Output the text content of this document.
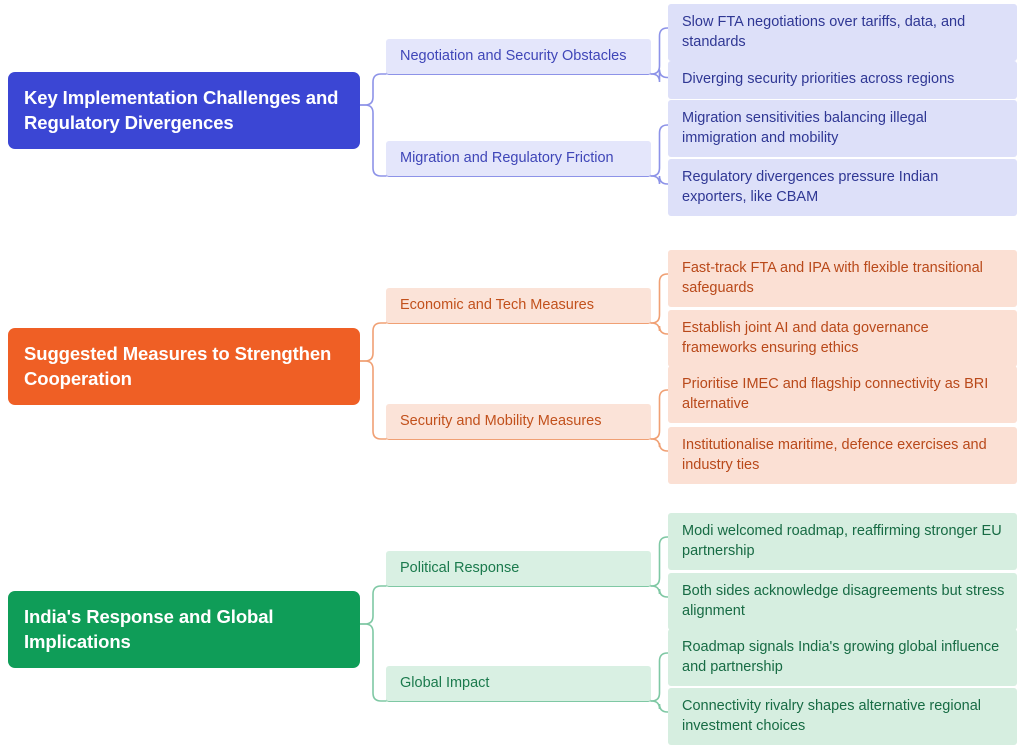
Key Implementation Challenges and Regulatory Divergences
Negotiation and Security Obstacles
Slow FTA negotiations over tariffs, data, and standards
Diverging security priorities across regions
Migration and Regulatory Friction
Migration sensitivities balancing illegal immigration and mobility
Regulatory divergences pressure Indian exporters, like CBAM
Suggested Measures to Strengthen Cooperation
Economic and Tech Measures
Fast-track FTA and IPA with flexible transitional safeguards
Establish joint AI and data governance frameworks ensuring ethics
Security and Mobility Measures
Prioritise IMEC and flagship connectivity as BRI alternative
Institutionalise maritime, defence exercises and industry ties
India's Response and Global Implications
Political Response
Modi welcomed roadmap, reaffirming stronger EU partnership
Both sides acknowledge disagreements but stress alignment
Global Impact
Roadmap signals India's growing global influence and partnership
Connectivity rivalry shapes alternative regional investment choices
